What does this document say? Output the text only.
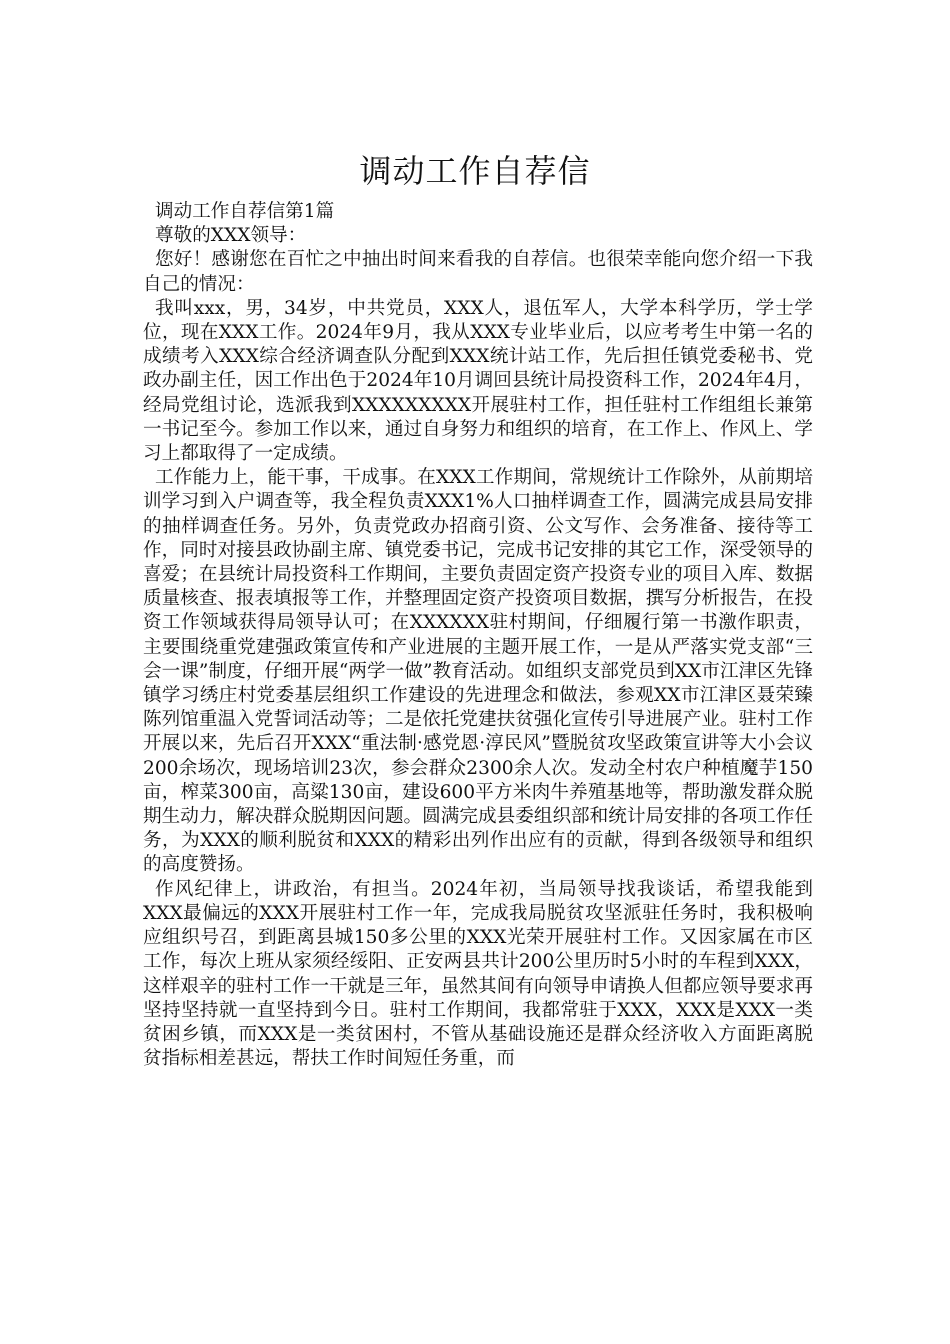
调动工作自荐信

调动工作自荐信第1篇

尊敬的XXX领导：

您好！感谢您在百忙之中抽出时间来看我的自荐信。也很荣幸能向您介绍一下我自己的情况：

我叫xxx，男，34岁，中共党员，XXX人，退伍军人，大学本科学历，学士学位，现在XXX工作。2024年9月，我从XXX专业毕业后，以应考考生中第一名的成绩考入XXX综合经济调查队分配到XXX统计站工作，先后担任镇党委秘书、党政办副主任，因工作出色于2024年10月调回县统计局投资科工作，2024年4月，经局党组讨论，选派我到XXXXXXXXX开展驻村工作，担任驻村工作组组长兼第一书记至今。参加工作以来，通过自身努力和组织的培育，在工作上、作风上、学习上都取得了一定成绩。

工作能力上，能干事，干成事。在XXX工作期间，常规统计工作除外，从前期培训学习到入户调查等，我全程负责XXX1%人口抽样调查工作，圆满完成县局安排的抽样调查任务。另外，负责党政办招商引资、公文写作、会务准备、接待等工作，同时对接县政协副主席、镇党委书记，完成书记安排的其它工作，深受领导的喜爱；在县统计局投资科工作期间，主要负责固定资产投资专业的项目入库、数据质量核查、报表填报等工作，并整理固定资产投资项目数据，撰写分析报告，在投资工作领域获得局领导认可；在XXXXXX驻村期间，仔细履行第一书激作职责，主要围绕重党建强政策宣传和产业进展的主题开展工作，一是从严落实党支部“三会一课”制度，仔细开展“两学一做”教育活动。如组织支部党员到XX市江津区先锋镇学习绣庄村党委基层组织工作建设的先进理念和做法，参观XX市江津区聂荣臻陈列馆重温入党誓词活动等；二是依托党建扶贫强化宣传引导进展产业。驻村工作开展以来，先后召开XXX“重法制·感党恩·淳民风”暨脱贫攻坚政策宣讲等大小会议200余场次，现场培训23次，参会群众2300余人次。发动全村农户种植魔芋150亩，榨菜300亩，高粱130亩，建设600平方米肉牛养殖基地等，帮助激发群众脱期生动力，解决群众脱期因问题。圆满完成县委组织部和统计局安排的各项工作任务，为XXX的顺利脱贫和XXX的精彩出列作出应有的贡献，得到各级领导和组织的高度赞扬。

作风纪律上，讲政治，有担当。2024年初，当局领导找我谈话，希望我能到XXX最偏远的XXX开展驻村工作一年，完成我局脱贫攻坚派驻任务时，我积极响应组织号召，到距离县城150多公里的XXX光荣开展驻村工作。又因家属在市区工作，每次上班从家须经绥阳、正安两县共计200公里历时5小时的车程到XXX，这样艰辛的驻村工作一干就是三年，虽然其间有向领导申请换人但都应领导要求再坚持坚持就一直坚持到今日。驻村工作期间，我都常驻于XXX，XXX是XXX一类贫困乡镇，而XXX是一类贫困村，不管从基础设施还是群众经济收入方面距离脱贫指标相差甚远，帮扶工作时间短任务重，而
